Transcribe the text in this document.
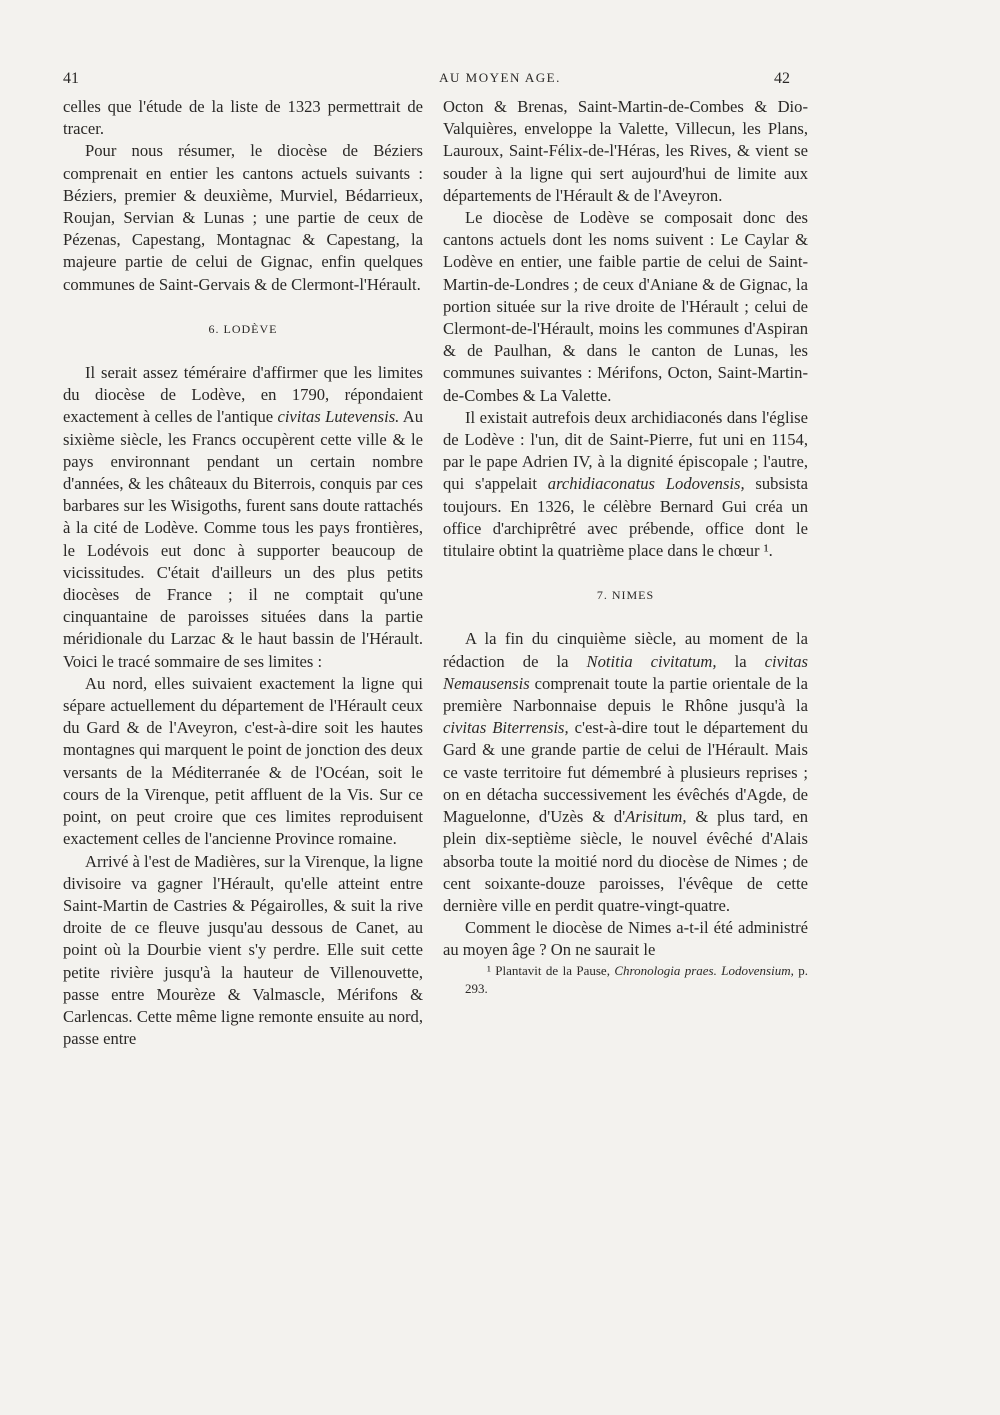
41	AU MOYEN AGE.	42

celles que l'étude de la liste de 1323 permettrait de tracer.

Pour nous résumer, le diocèse de Béziers comprenait en entier les cantons actuels suivants : Béziers, premier & deuxième, Murviel, Bédarrieux, Roujan, Servian & Lunas ; une partie de ceux de Pézenas, Capestang, Montagnac & Capestang, la majeure partie de celui de Gignac, enfin quelques communes de Saint-Gervais & de Clermont-l'Hérault.

6. LODÈVE

Il serait assez téméraire d'affirmer que les limites du diocèse de Lodève, en 1790, répondaient exactement à celles de l'antique civitas Lutevensis. Au sixième siècle, les Francs occupèrent cette ville & le pays environnant pendant un certain nombre d'années, & les châteaux du Biterrois, conquis par ces barbares sur les Wisigoths, furent sans doute rattachés à la cité de Lodève. Comme tous les pays frontières, le Lodévois eut donc à supporter beaucoup de vicissitudes. C'était d'ailleurs un des plus petits diocèses de France ; il ne comptait qu'une cinquantaine de paroisses situées dans la partie méridionale du Larzac & le haut bassin de l'Hérault. Voici le tracé sommaire de ses limites :

Au nord, elles suivaient exactement la ligne qui sépare actuellement du département de l'Hérault ceux du Gard & de l'Aveyron, c'est-à-dire soit les hautes montagnes qui marquent le point de jonction des deux versants de la Méditerranée & de l'Océan, soit le cours de la Virenque, petit affluent de la Vis. Sur ce point, on peut croire que ces limites reproduisent exactement celles de l'ancienne Province romaine.

Arrivé à l'est de Madières, sur la Virenque, la ligne divisoire va gagner l'Hérault, qu'elle atteint entre Saint-Martin de Castries & Pégairolles, & suit la rive droite de ce fleuve jusqu'au dessous de Canet, au point où la Dourbie vient s'y perdre. Elle suit cette petite rivière jusqu'à la hauteur de Villenouvette, passe entre Mourèze & Valmascle, Mérifons & Carlencas. Cette même ligne remonte ensuite au nord, passe entre

Octon & Brenas, Saint-Martin-de-Combes & Dio-Valquières, enveloppe la Valette, Villecun, les Plans, Lauroux, Saint-Félix-de-l'Héras, les Rives, & vient se souder à la ligne qui sert aujourd'hui de limite aux départements de l'Hérault & de l'Aveyron.

Le diocèse de Lodève se composait donc des cantons actuels dont les noms suivent : Le Caylar & Lodève en entier, une faible partie de celui de Saint-Martin-de-Londres ; de ceux d'Aniane & de Gignac, la portion située sur la rive droite de l'Hérault ; celui de Clermont-de-l'Hérault, moins les communes d'Aspiran & de Paulhan, & dans le canton de Lunas, les communes suivantes : Mérifons, Octon, Saint-Martin-de-Combes & La Valette.

Il existait autrefois deux archidiaconés dans l'église de Lodève : l'un, dit de Saint-Pierre, fut uni en 1154, par le pape Adrien IV, à la dignité épiscopale ; l'autre, qui s'appelait archidiaconatus Lodovensis, subsista toujours. En 1326, le célèbre Bernard Gui créa un office d'archiprêtré avec prébende, office dont le titulaire obtint la quatrième place dans le chœur ¹.

7. NIMES

A la fin du cinquième siècle, au moment de la rédaction de la Notitia civitatum, la civitas Nemausensis comprenait toute la partie orientale de la première Narbonnaise depuis le Rhône jusqu'à la civitas Biterrensis, c'est-à-dire tout le département du Gard & une grande partie de celui de l'Hérault. Mais ce vaste territoire fut démembré à plusieurs reprises ; on en détacha successivement les évêchés d'Agde, de Maguelonne, d'Uzès & d'Arisitum, & plus tard, en plein dix-septième siècle, le nouvel évêché d'Alais absorba toute la moitié nord du diocèse de Nimes ; de cent soixante-douze paroisses, l'évêque de cette dernière ville en perdit quatre-vingt-quatre.

Comment le diocèse de Nimes a-t-il été administré au moyen âge ? On ne saurait le

¹ Plantavit de la Pause, Chronologia praes. Lodovensium, p. 293.
